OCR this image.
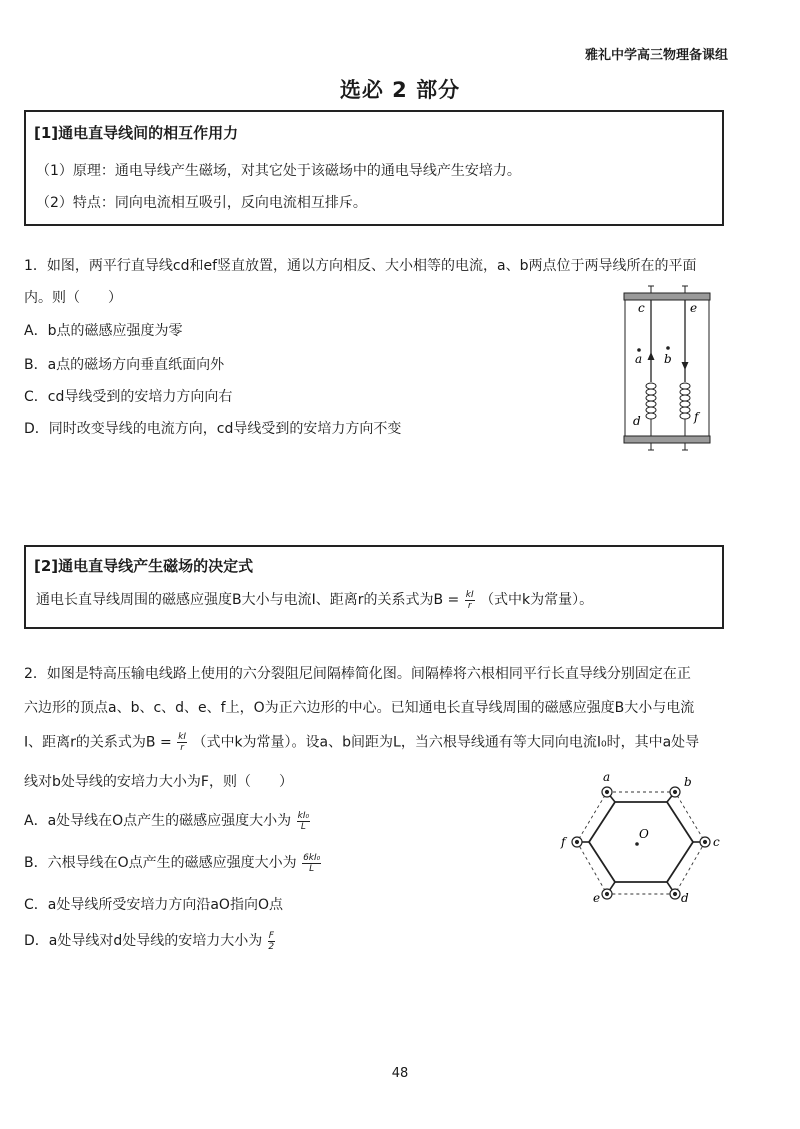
雅礼中学高三物理备课组
选必 2 部分
[1]通电直导线间的相互作用力
（1）原理：通电导线产生磁场，对其它处于该磁场中的通电导线产生安培力。
（2）特点：同向电流相互吸引，反向电流相互排斥。
1．如图，两平行直导线cd和ef竖直放置，通以方向相反、大小相等的电流，a、b两点位于两导线所在的平面
内。则（　　）
A．b点的磁感应强度为零
B．a点的磁场方向垂直纸面向外
C．cd导线受到的安培力方向向右
D．同时改变导线的电流方向，cd导线受到的安培力方向不变
c	e
a b
d	f
[2]通电直导线产生磁场的决定式
通电长直导线周围的磁感应强度B大小与电流I、距离r的关系式为$B = \frac{kI}{r}$ （式中k为常量）。
2．如图是特高压输电线路上使用的六分裂阻尼间隔棒简化图。间隔棒将六根相同平行长直导线分别固定在正
六边形的顶点a、b、c、d、e、f上，O为正六边形的中心。已知通电长直导线周围的磁感应强度B大小与电流
I、距离r的关系式为$B = \frac{kI}{r}$ （式中k为常量）。设a、b间距为L，当六根导线通有等大同向电流I₀时，其中a处导
线对b处导线的安培力大小为F，则（　　）
A．a处导线在O点产生的磁感应强度大小为 $\frac{\text{kI₀}}{L}$
B．六根导线在O点产生的磁感应强度大小为 $\frac{\text{6kI₀}}{L}$
C．a处导线所受安培力方向沿aO指向O点
D．a处导线对d处导线的安培力大小为 $\frac{F}{2}$
a	b
c
d
e
f
O
48
